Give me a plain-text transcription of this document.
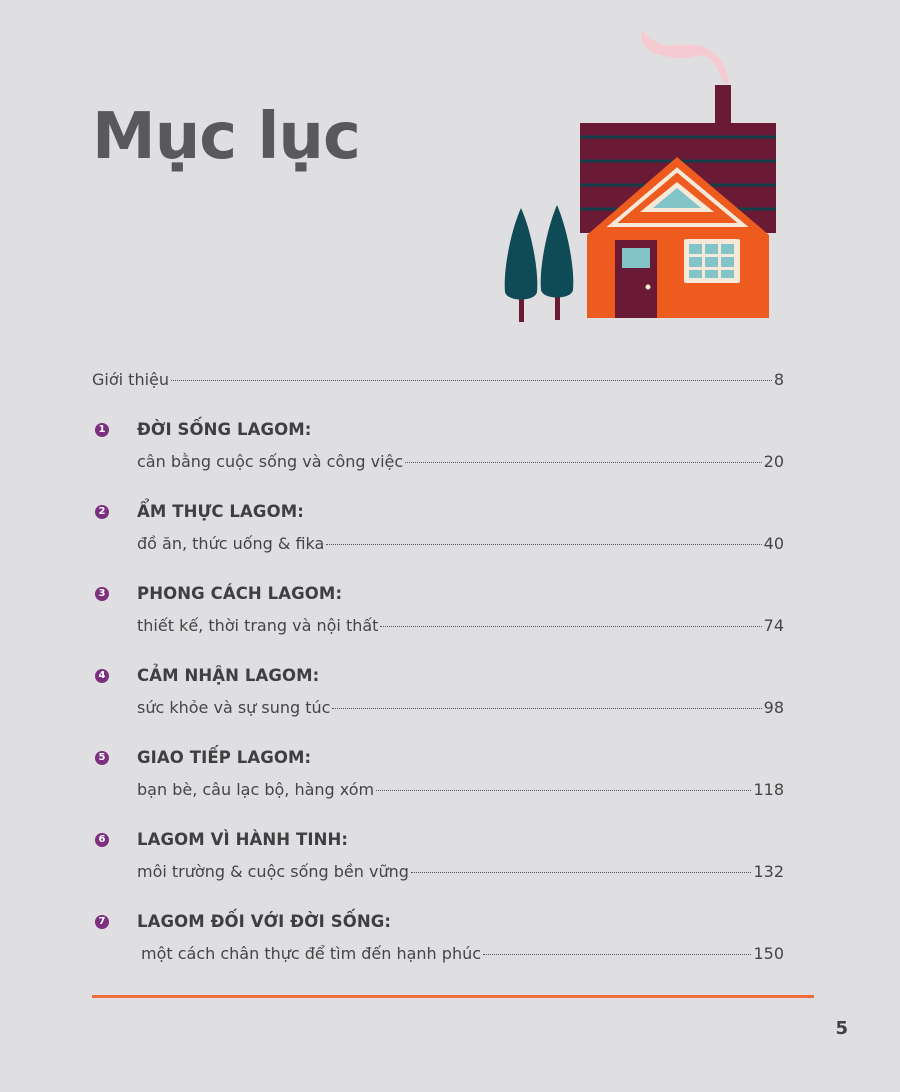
Mục lục
Giới thiệu	8
1 ĐỜI SỐNG LAGOM:
cân bằng cuộc sống và công việc	20
2 ẨM THỰC LAGOM:
đồ ăn, thức uống & fika	40
3 PHONG CÁCH LAGOM:
thiết kế, thời trang và nội thất	74
4 CẢM NHẬN LAGOM:
sức khỏe và sự sung túc	98
5 GIAO TIẾP LAGOM:
bạn bè, câu lạc bộ, hàng xóm	118
6 LAGOM VÌ HÀNH TINH:
môi trường & cuộc sống bền vững	132
7 LAGOM ĐỐI VỚI ĐỜI SỐNG:
một cách chân thực để tìm đến hạnh phúc	150
5
